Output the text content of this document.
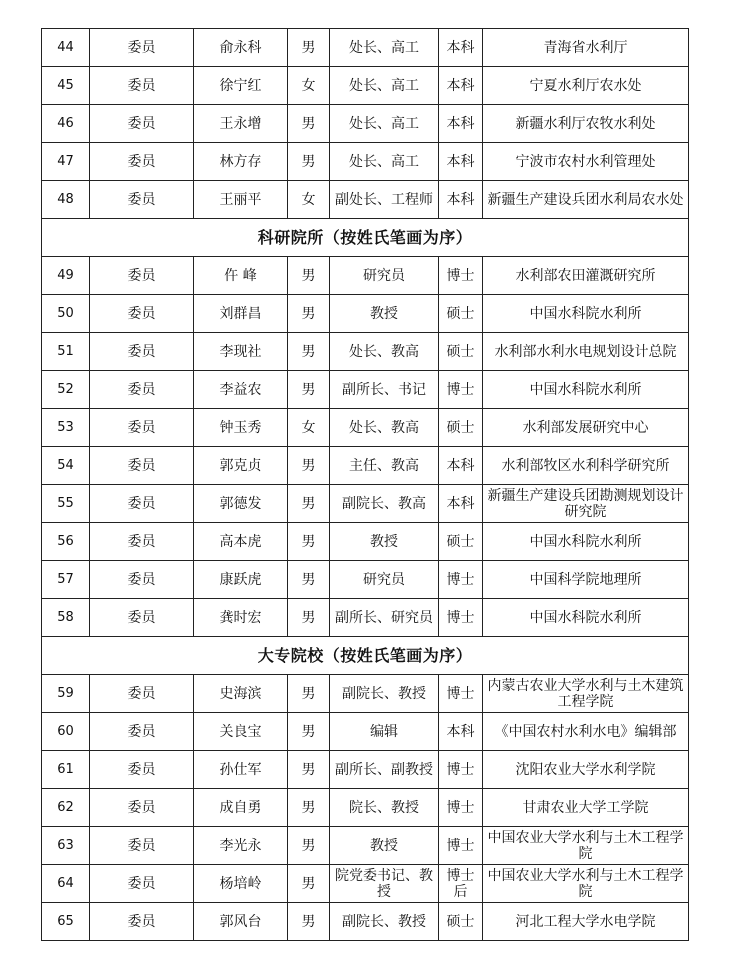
44	委员	俞永科	男	处长、高工	本科	青海省水利厅
45	委员	徐宁红	女	处长、高工	本科	宁夏水利厅农水处
46	委员	王永增	男	处长、高工	本科	新疆水利厅农牧水利处
47	委员	林方存	男	处长、高工	本科	宁波市农村水利管理处
48	委员	王丽平	女	副处长、工程师	本科	新疆生产建设兵团水利局农水处
科研院所（按姓氏笔画为序）						
49	委员	仵 峰	男	研究员	博士	水利部农田灌溉研究所
50	委员	刘群昌	男	教授	硕士	中国水科院水利所
51	委员	李现社	男	处长、教高	硕士	水利部水利水电规划设计总院
52	委员	李益农	男	副所长、书记	博士	中国水科院水利所
53	委员	钟玉秀	女	处长、教高	硕士	水利部发展研究中心
54	委员	郭克贞	男	主任、教高	本科	水利部牧区水利科学研究所
55	委员	郭德发	男	副院长、教高	本科	新疆生产建设兵团勘测规划设计研究院
56	委员	高本虎	男	教授	硕士	中国水科院水利所
57	委员	康跃虎	男	研究员	博士	中国科学院地理所
58	委员	龚时宏	男	副所长、研究员	博士	中国水科院水利所
大专院校（按姓氏笔画为序）						
59	委员	史海滨	男	副院长、教授	博士	内蒙古农业大学水利与土木建筑工程学院
60	委员	关良宝	男	编辑	本科	《中国农村水利水电》编辑部
61	委员	孙仕军	男	副所长、副教授	博士	沈阳农业大学水利学院
62	委员	成自勇	男	院长、教授	博士	甘肃农业大学工学院
63	委员	李光永	男	教授	博士	中国农业大学水利与土木工程学院
64	委员	杨培岭	男	院党委书记、教授	博士后	中国农业大学水利与土木工程学院
65	委员	郭风台	男	副院长、教授	硕士	河北工程大学水电学院
